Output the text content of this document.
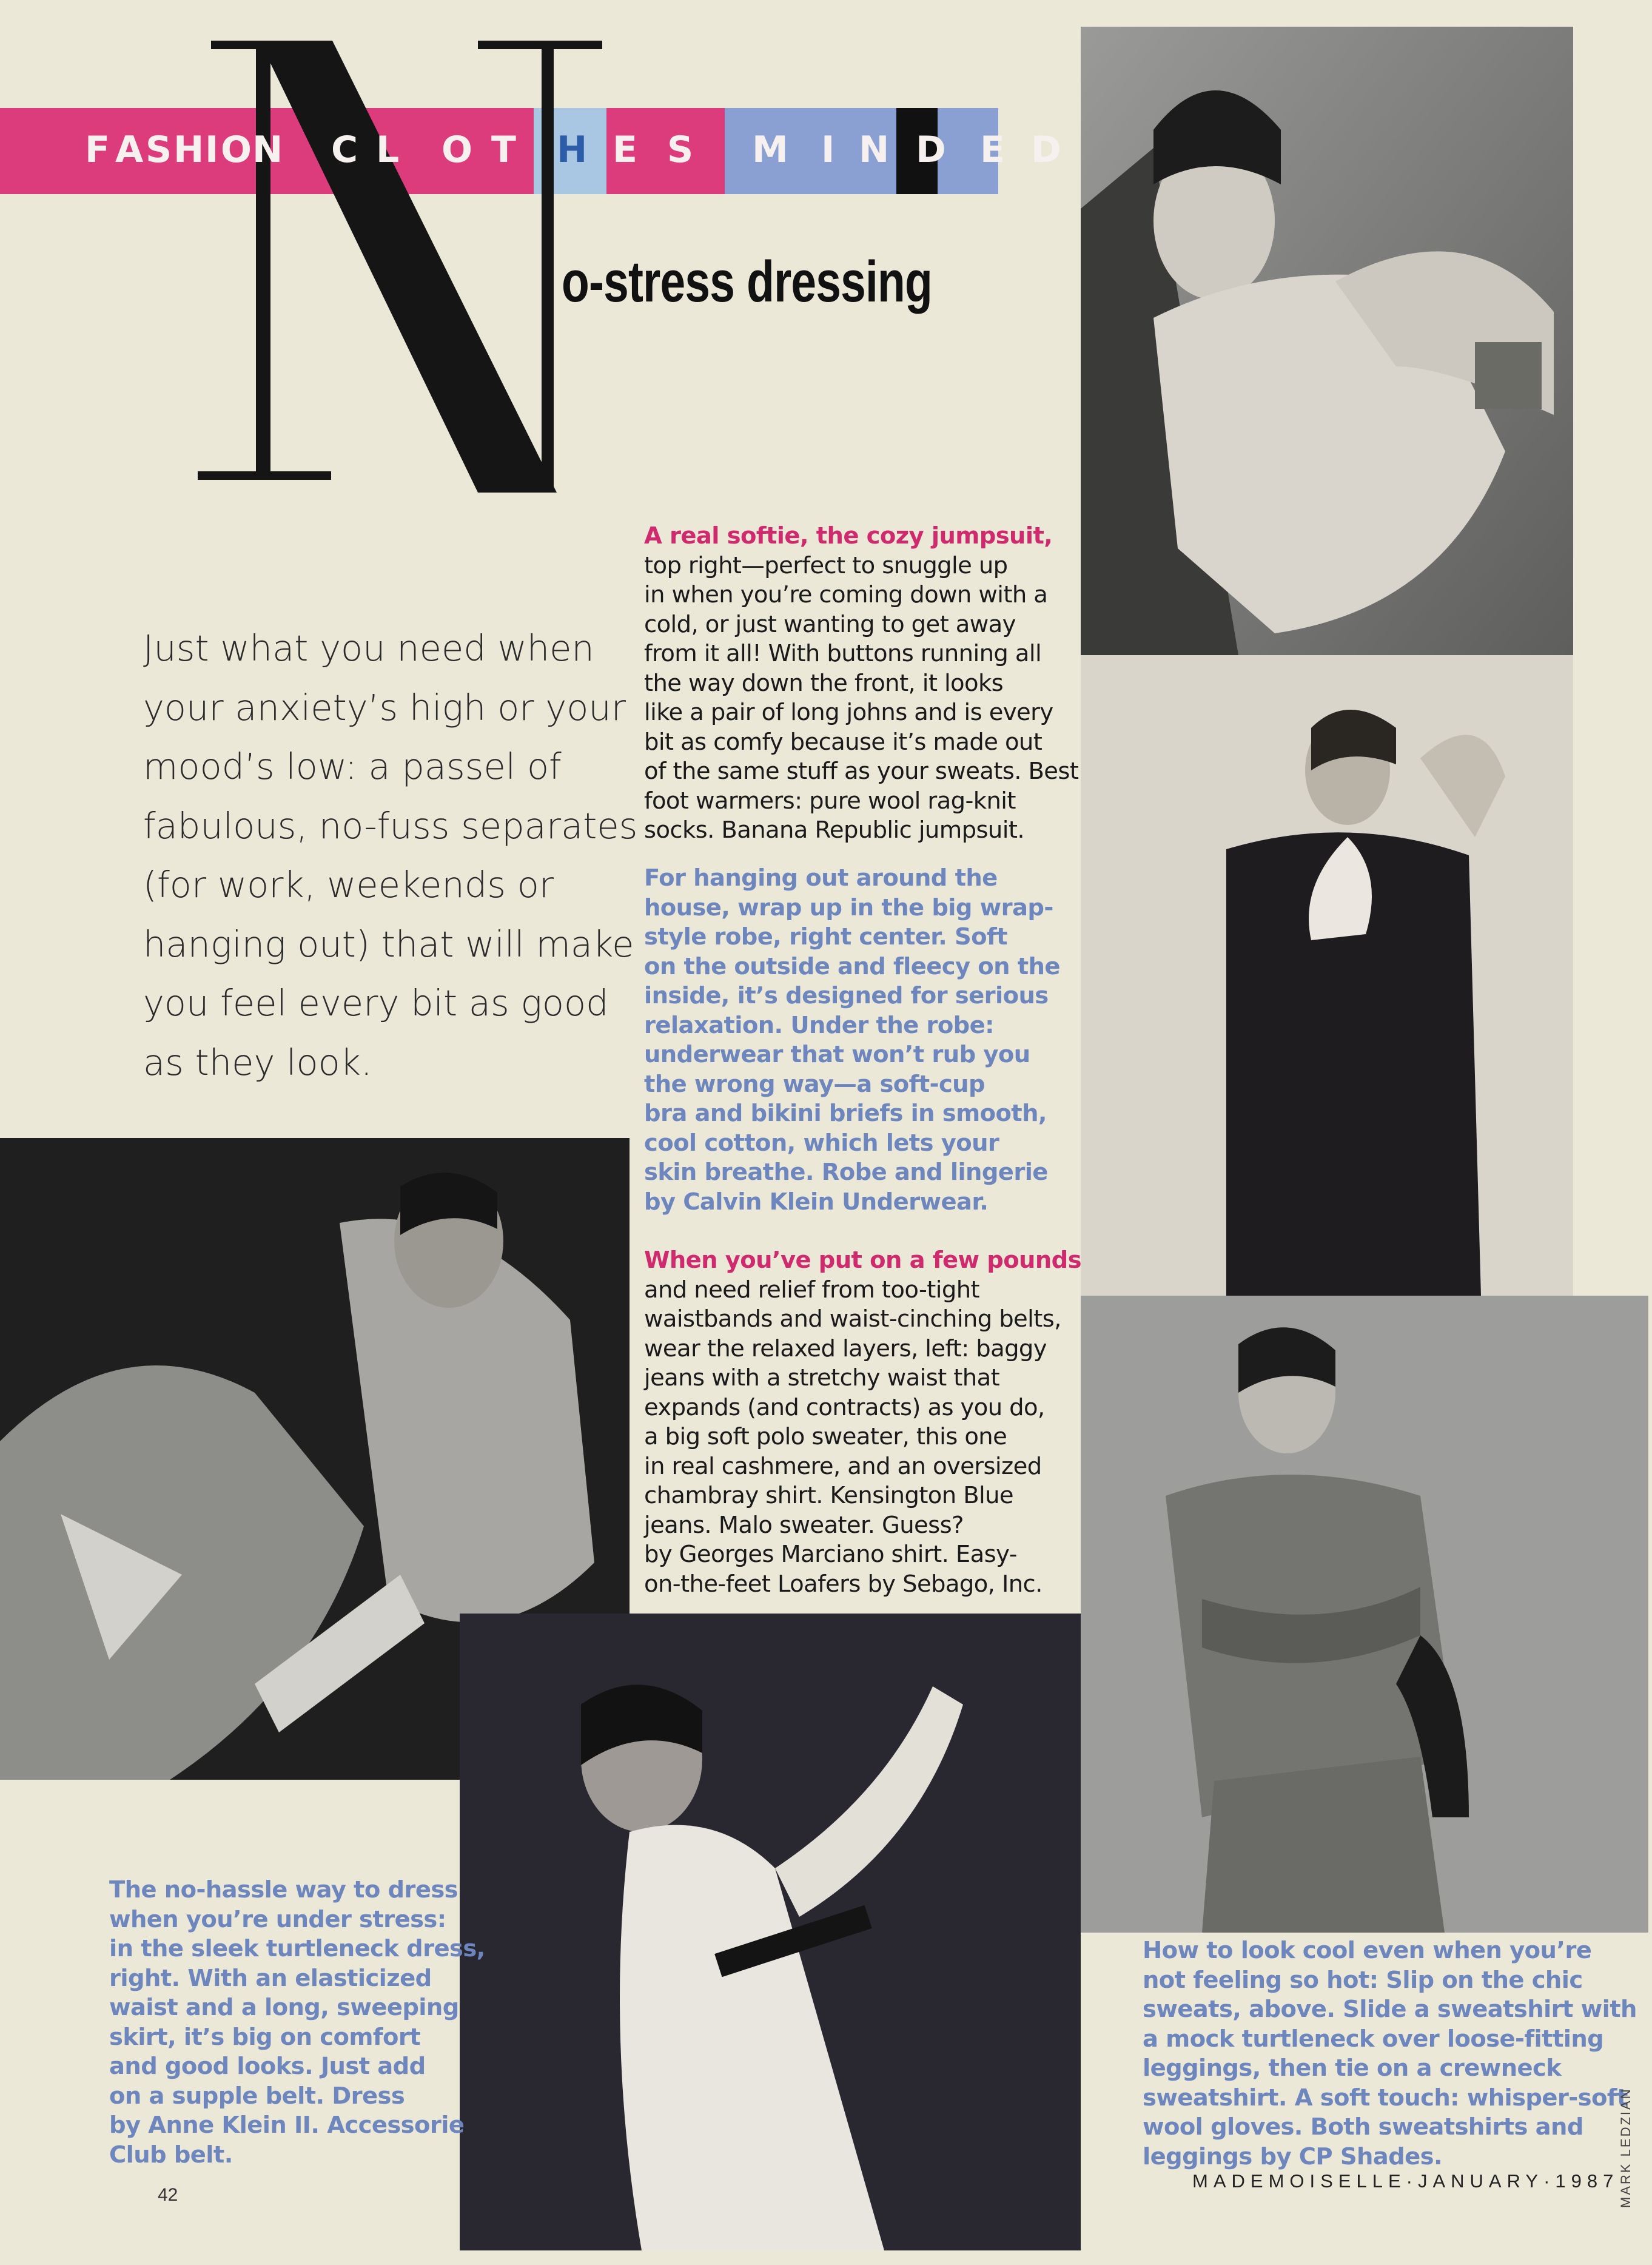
F A S H I O N C L O T H E S M I N D E D
o-stress dressing
Just what you need when
your anxiety’s high or your
mood’s low: a passel of
fabulous, no-fuss separates
(for work, weekends or
hanging out) that will make
you feel every bit as good
as they look.
A real softie, the cozy jumpsuit,
top right—perfect to snuggle up
in when you’re coming down with a
cold, or just wanting to get away
from it all! With buttons running all
the way down the front, it looks
like a pair of long johns and is every
bit as comfy because it’s made out
of the same stuff as your sweats. Best
foot warmers: pure wool rag-knit
socks. Banana Republic jumpsuit.
For hanging out around the
house, wrap up in the big wrap-
style robe, right center. Soft
on the outside and fleecy on the
inside, it’s designed for serious
relaxation. Under the robe:
underwear that won’t rub you
the wrong way—a soft-cup
bra and bikini briefs in smooth,
cool cotton, which lets your
skin breathe. Robe and lingerie
by Calvin Klein Underwear.
When you’ve put on a few pounds
and need relief from too-tight
waistbands and waist-cinching belts,
wear the relaxed layers, left: baggy
jeans with a stretchy waist that
expands (and contracts) as you do,
a big soft polo sweater, this one
in real cashmere, and an oversized
chambray shirt. Kensington Blue
jeans. Malo sweater. Guess?
by Georges Marciano shirt. Easy-
on-the-feet Loafers by Sebago, Inc.
The no-hassle way to dress
when you’re under stress:
in the sleek turtleneck dress,
right. With an elasticized
waist and a long, sweeping
skirt, it’s big on comfort
and good looks. Just add
on a supple belt. Dress
by Anne Klein II. Accessorie
Club belt.
How to look cool even when you’re
not feeling so hot: Slip on the chic
sweats, above. Slide a sweatshirt with
a mock turtleneck over loose-fitting
leggings, then tie on a crewneck
sweatshirt. A soft touch: whisper-soft
wool gloves. Both sweatshirts and
leggings by CP Shades.	MARK LEDZIAN
42
MADEMOISELLE·JANUARY·1987
